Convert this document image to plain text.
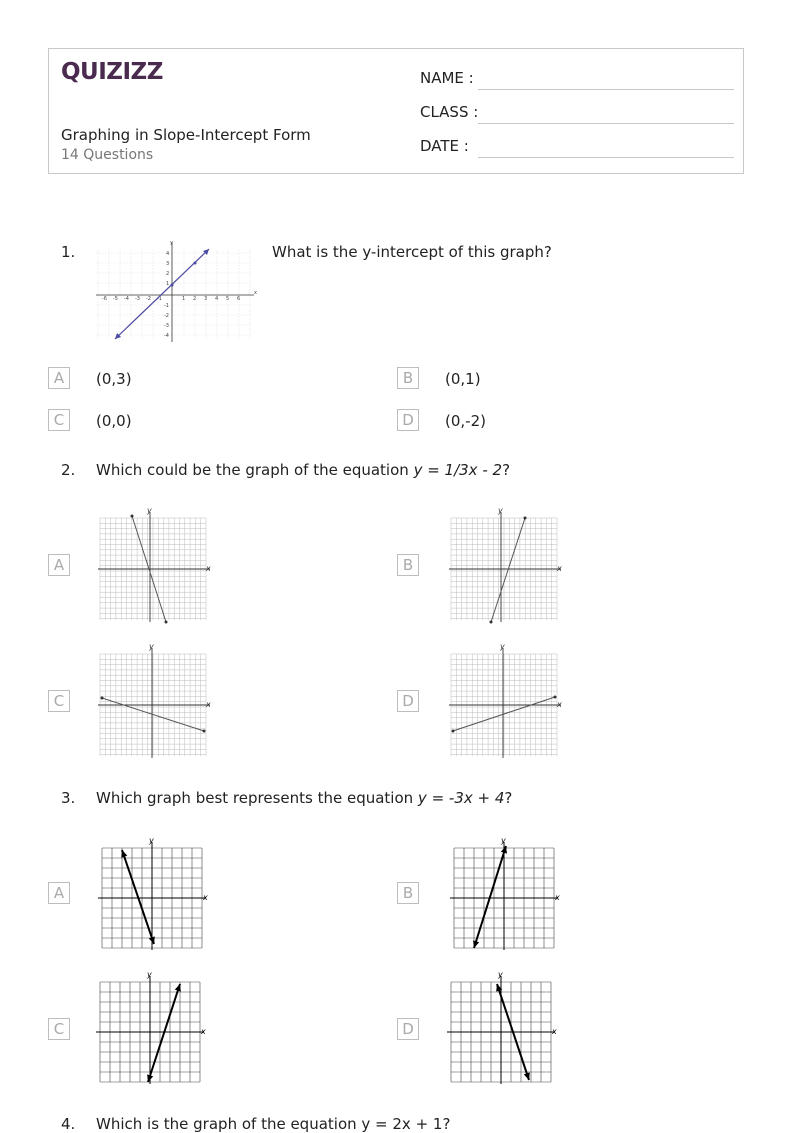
QUIZIZZ
Graphing in Slope-Intercept Form
14 Questions
NAME :
CLASS :
DATE :
1.
-6 -5 -4 -3 -2 -1	1 2 3 4 5 6
4
3
2
1
-1
-2
-3
-4
x
y	What is the y-intercept of this graph?
A	(0,3)	B	(0,1)
C	(0,0)	D	(0,-2)
2. Which could be the graph of the equation y = 1/3x - 2?
A	x
y
B	x
y
D
C	x
y
x
y
3. Which graph best represents the equation y = -3x + 4?
A	x
y
B	x
y
C	x
y
D	x
y
4. Which is the graph of the equation y = 2x + 1?
